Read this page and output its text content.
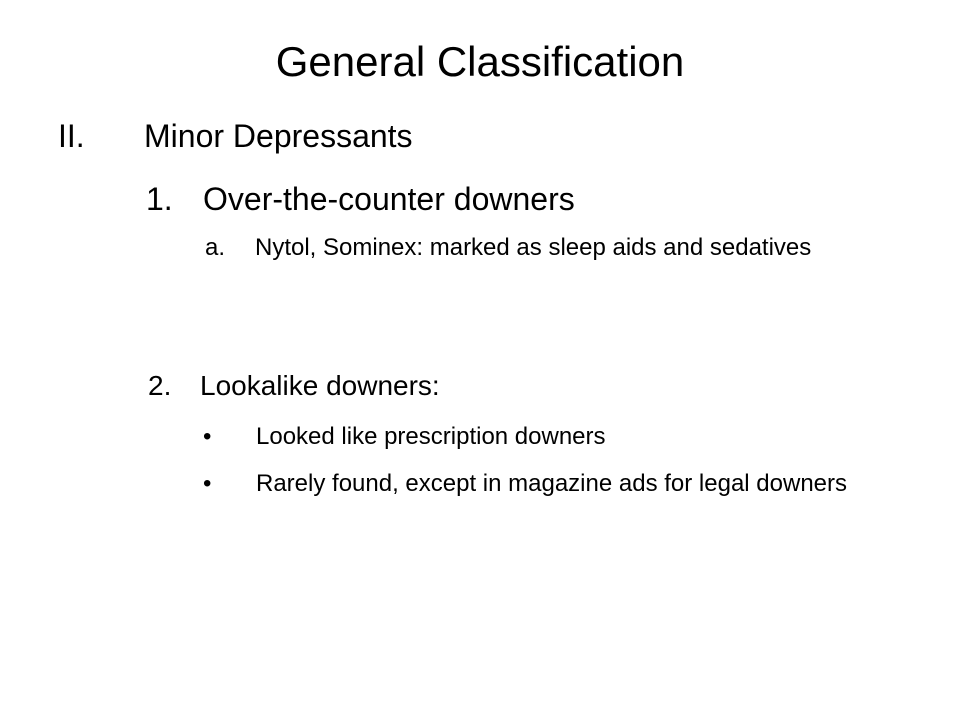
General Classification
II. Minor Depressants
1. Over-the-counter downers
a. Nytol, Sominex: marked as sleep aids and sedatives
2. Lookalike downers:
• Looked like prescription downers
• Rarely found, except in magazine ads for legal downers
